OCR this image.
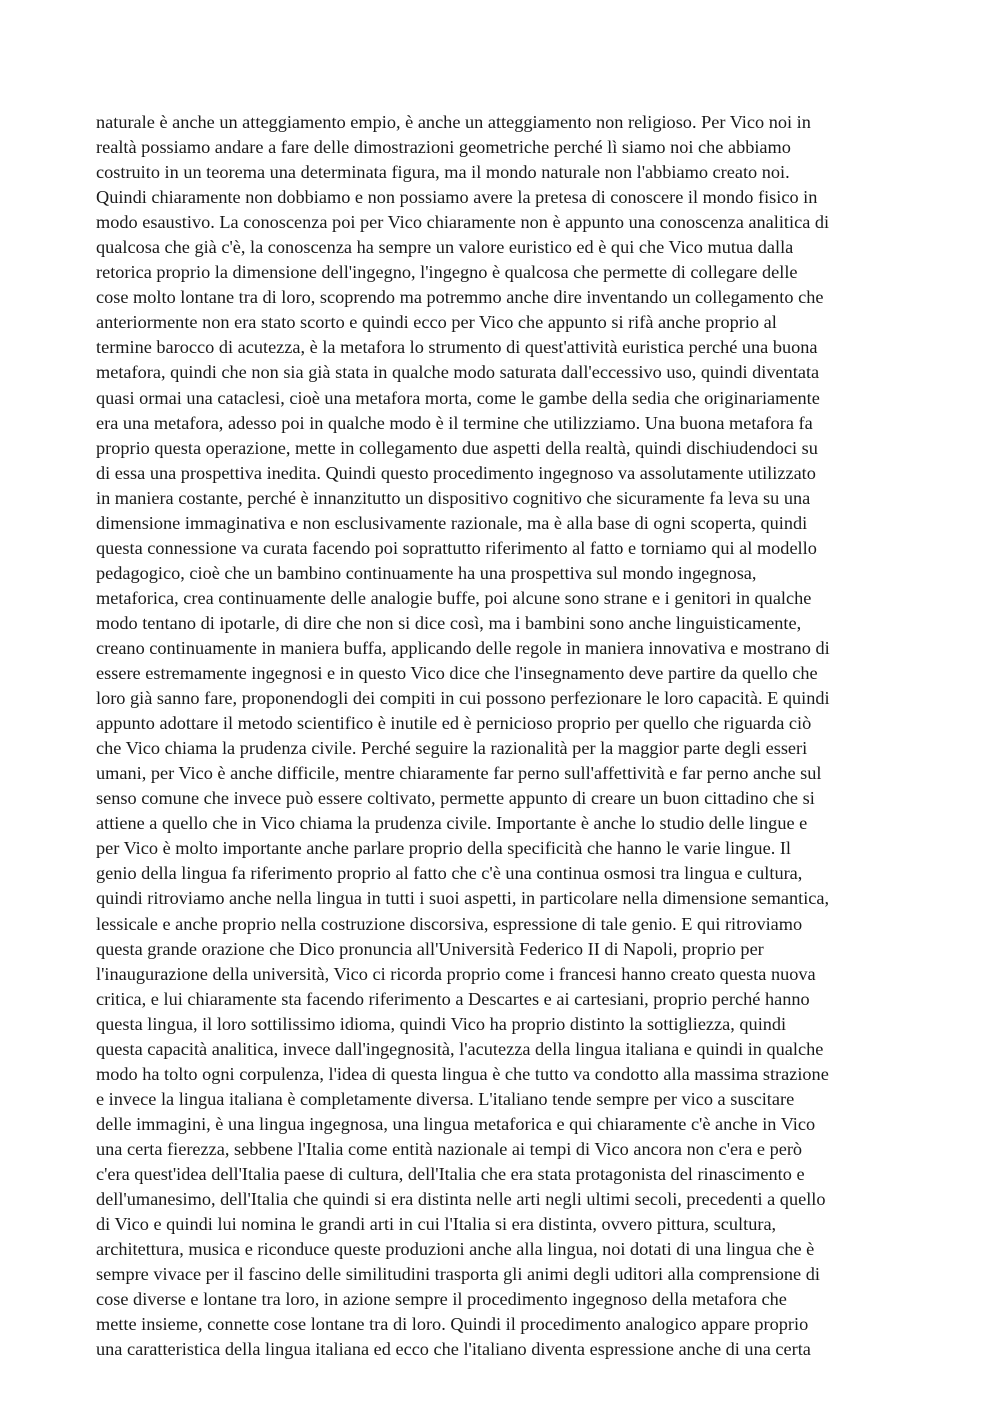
naturale è anche un atteggiamento empio, è anche un atteggiamento non religioso. Per Vico noi in
realtà possiamo andare a fare delle dimostrazioni geometriche perché lì siamo noi che abbiamo
costruito in un teorema una determinata figura, ma il mondo naturale non l'abbiamo creato noi.
Quindi chiaramente non dobbiamo e non possiamo avere la pretesa di conoscere il mondo fisico in
modo esaustivo. La conoscenza poi per Vico chiaramente non è appunto una conoscenza analitica di
qualcosa che già c'è, la conoscenza ha sempre un valore euristico ed è qui che Vico mutua dalla
retorica proprio la dimensione dell'ingegno, l'ingegno è qualcosa che permette di collegare delle
cose molto lontane tra di loro, scoprendo ma potremmo anche dire inventando un collegamento che
anteriormente non era stato scorto e quindi ecco per Vico che appunto si rifà anche proprio al
termine barocco di acutezza, è la metafora lo strumento di quest'attività euristica perché una buona
metafora, quindi che non sia già stata in qualche modo saturata dall'eccessivo uso, quindi diventata
quasi ormai una cataclesi, cioè una metafora morta, come le gambe della sedia che originariamente
era una metafora, adesso poi in qualche modo è il termine che utilizziamo. Una buona metafora fa
proprio questa operazione, mette in collegamento due aspetti della realtà, quindi dischiudendoci su
di essa una prospettiva inedita. Quindi questo procedimento ingegnoso va assolutamente utilizzato
in maniera costante, perché è innanzitutto un dispositivo cognitivo che sicuramente fa leva su una
dimensione immaginativa e non esclusivamente razionale, ma è alla base di ogni scoperta, quindi
questa connessione va curata facendo poi soprattutto riferimento al fatto e torniamo qui al modello
pedagogico, cioè che un bambino continuamente ha una prospettiva sul mondo ingegnosa,
metaforica, crea continuamente delle analogie buffe, poi alcune sono strane e i genitori in qualche
modo tentano di ipotarle, di dire che non si dice così, ma i bambini sono anche linguisticamente,
creano continuamente in maniera buffa, applicando delle regole in maniera innovativa e mostrano di
essere estremamente ingegnosi e in questo Vico dice che l'insegnamento deve partire da quello che
loro già sanno fare, proponendogli dei compiti in cui possono perfezionare le loro capacità. E quindi
appunto adottare il metodo scientifico è inutile ed è pernicioso proprio per quello che riguarda ciò
che Vico chiama la prudenza civile. Perché seguire la razionalità per la maggior parte degli esseri
umani, per Vico è anche difficile, mentre chiaramente far perno sull'affettività e far perno anche sul
senso comune che invece può essere coltivato, permette appunto di creare un buon cittadino che si
attiene a quello che in Vico chiama la prudenza civile. Importante è anche lo studio delle lingue e
per Vico è molto importante anche parlare proprio della specificità che hanno le varie lingue. Il
genio della lingua fa riferimento proprio al fatto che c'è una continua osmosi tra lingua e cultura,
quindi ritroviamo anche nella lingua in tutti i suoi aspetti, in particolare nella dimensione semantica,
lessicale e anche proprio nella costruzione discorsiva, espressione di tale genio. E qui ritroviamo
questa grande orazione che Dico pronuncia all'Università Federico II di Napoli, proprio per
l'inaugurazione della università, Vico ci ricorda proprio come i francesi hanno creato questa nuova
critica, e lui chiaramente sta facendo riferimento a Descartes e ai cartesiani, proprio perché hanno
questa lingua, il loro sottilissimo idioma, quindi Vico ha proprio distinto la sottigliezza, quindi
questa capacità analitica, invece dall'ingegnosità, l'acutezza della lingua italiana e quindi in qualche
modo ha tolto ogni corpulenza, l'idea di questa lingua è che tutto va condotto alla massima strazione
e invece la lingua italiana è completamente diversa. L'italiano tende sempre per vico a suscitare
delle immagini, è una lingua ingegnosa, una lingua metaforica e qui chiaramente c'è anche in Vico
una certa fierezza, sebbene l'Italia come entità nazionale ai tempi di Vico ancora non c'era e però
c'era quest'idea dell'Italia paese di cultura, dell'Italia che era stata protagonista del rinascimento e
dell'umanesimo, dell'Italia che quindi si era distinta nelle arti negli ultimi secoli, precedenti a quello
di Vico e quindi lui nomina le grandi arti in cui l'Italia si era distinta, ovvero pittura, scultura,
architettura, musica e riconduce queste produzioni anche alla lingua, noi dotati di una lingua che è
sempre vivace per il fascino delle similitudini trasporta gli animi degli uditori alla comprensione di
cose diverse e lontane tra loro, in azione sempre il procedimento ingegnoso della metafora che
mette insieme, connette cose lontane tra di loro. Quindi il procedimento analogico appare proprio
una caratteristica della lingua italiana ed ecco che l'italiano diventa espressione anche di una certa
